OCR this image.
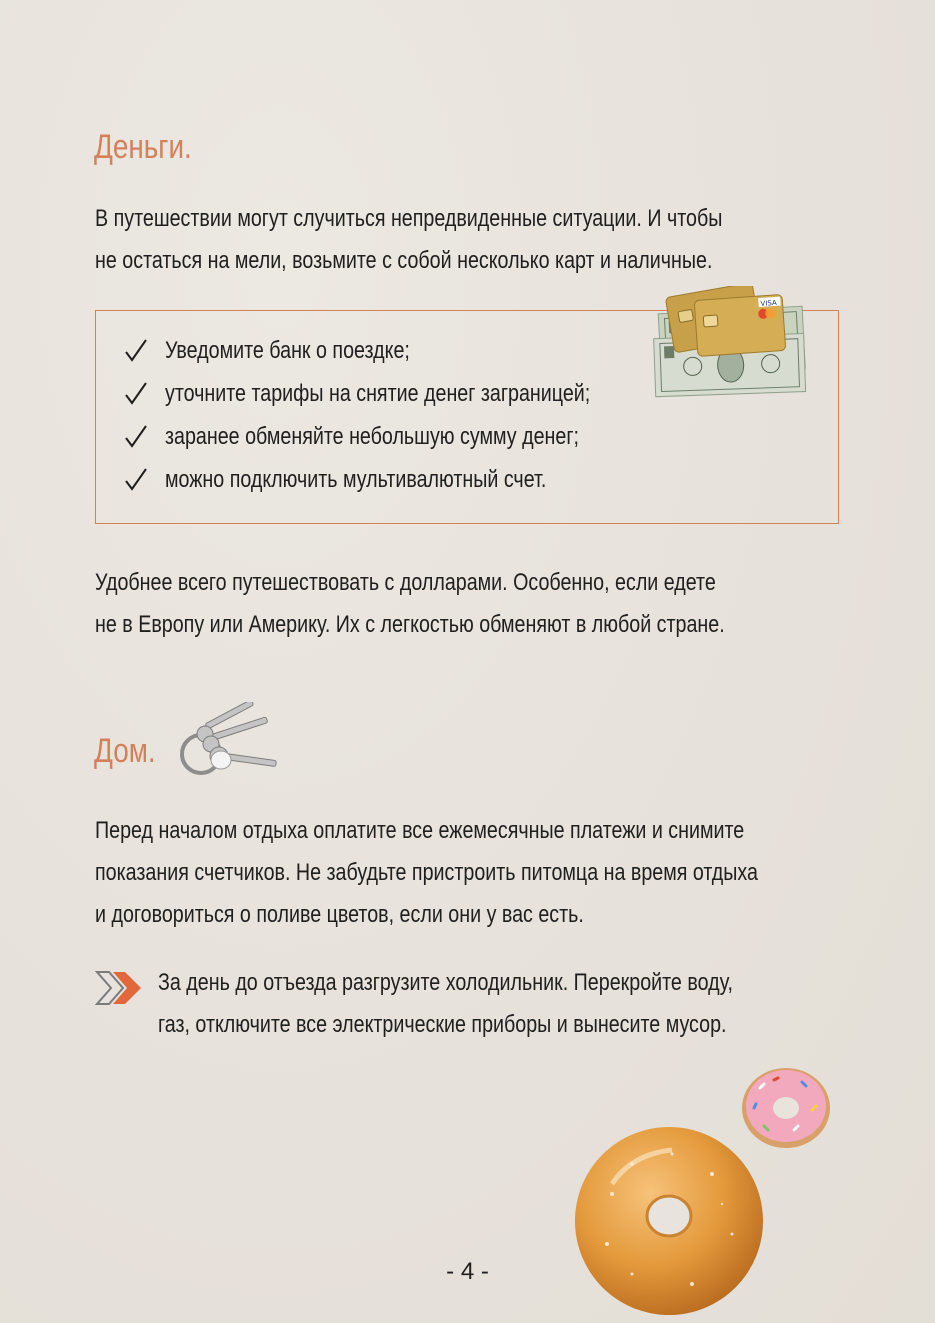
Деньги.

В путешествии могут случиться непредвиденные ситуации. И чтобы
не остаться на мели, возьмите с собой несколько карт и наличные.

VISA
Уведомите банк о поездке;
уточните тарифы на снятие денег заграницей;
заранее обменяйте небольшую сумму денег;
можно подключить мультивалютный счет.

Удобнее всего путешествовать с долларами. Особенно, если едете
не в Европу или Америку. Их с легкостью обменяют в любой стране.

Дом.

Перед началом отдыха оплатите все ежемесячные платежи и снимите
показания счетчиков. Не забудьте пристроить питомца на время отдыха
и договориться о поливе цветов, если они у вас есть.

За день до отъезда разгрузите холодильник. Перекройте воду,
газ, отключите все электрические приборы и вынесите мусор.

- 4 -
